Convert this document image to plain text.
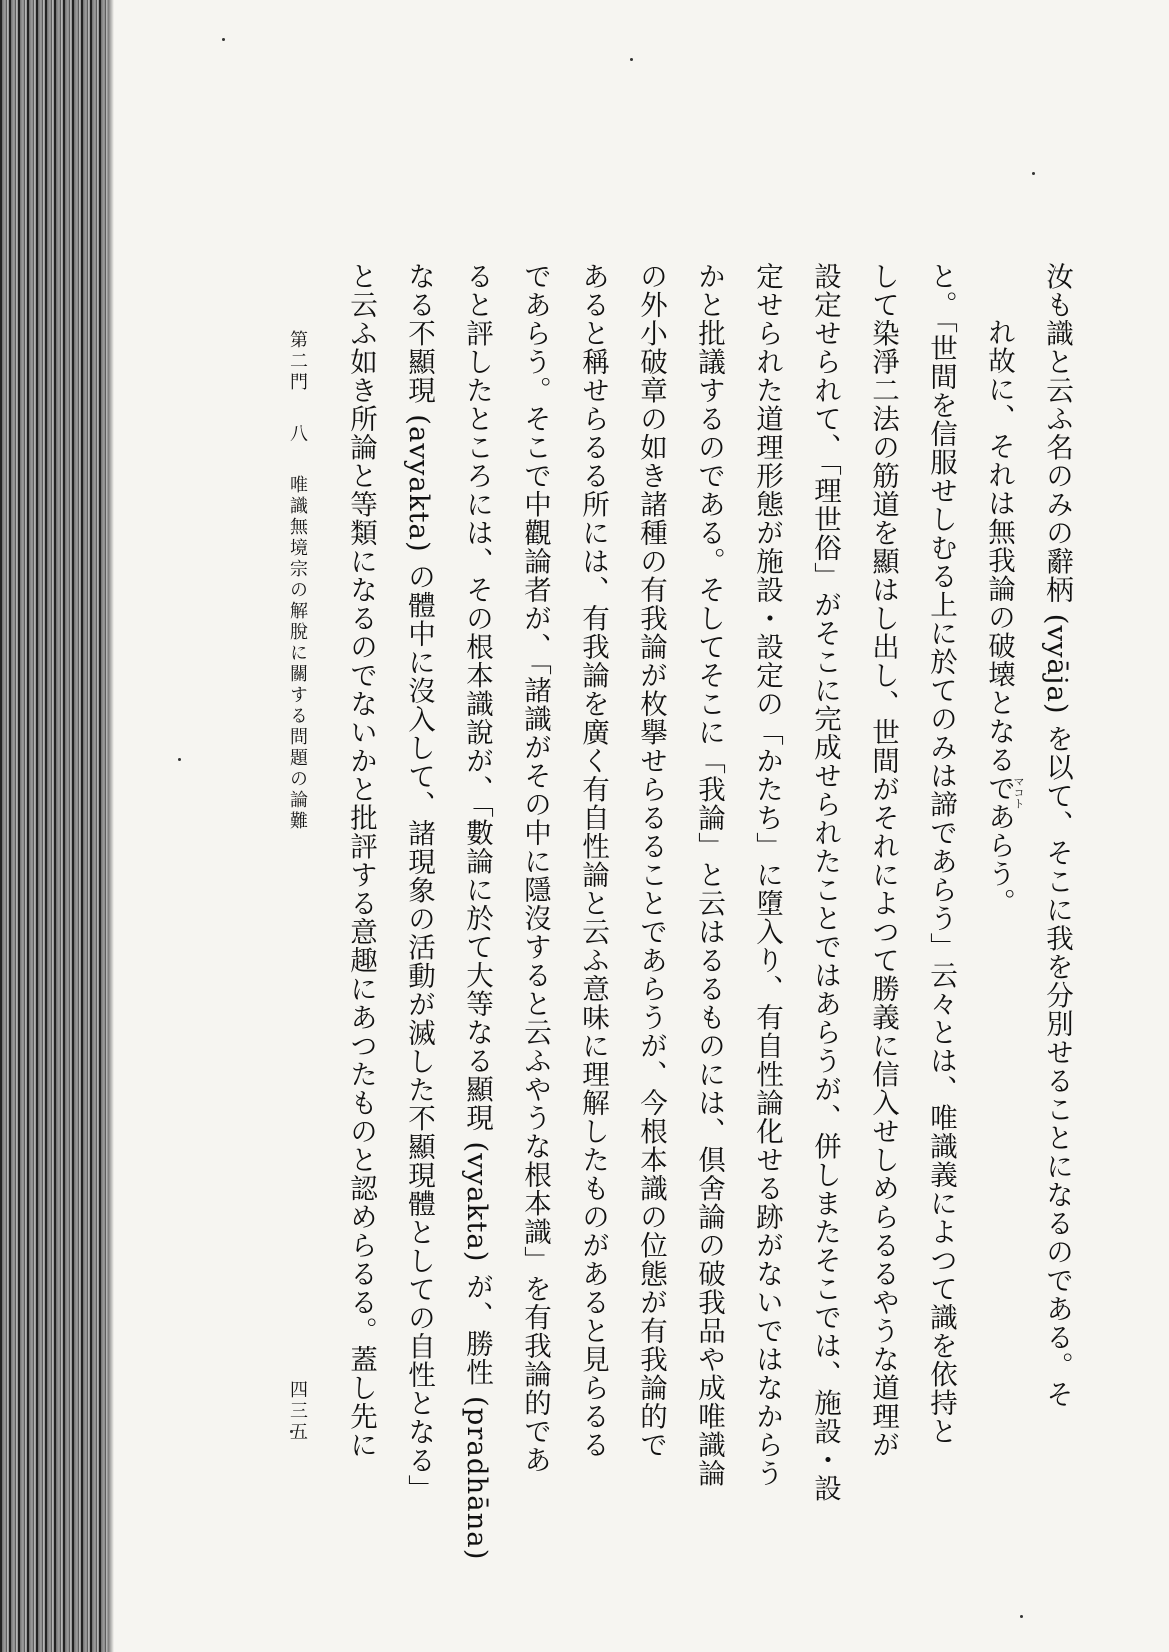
汝も識と云ふ名のみの辭柄 (vyāja) を以て、そこに我を分別せることになるのである。そ
れ故に、それは無我論の破壊となるであらう。
と。「世間を信服せしむる上に於てのみは諦であらう」云々とは、唯識義によつて識を依持と
して染淨二法の筋道を顯はし出し、世間がそれによつて勝義に信入せしめらるるやうな道理が
設定せられて、「理世俗」がそこに完成せられたことではあらうが、併しまたそこでは、施設・設
定せられた道理形態が施設・設定の「かたち」に墮入り、有自性論化せる跡がないではなからう
かと批議するのである。そしてそこに「我論」と云はるるものには、倶舍論の破我品や成唯識論
の外小破章の如き諸種の有我論が枚擧せらるることであらうが、今根本識の位態が有我論的で
あると稱せらるる所には、有我論を廣く有自性論と云ふ意味に理解したものがあると見らるる
であらう。そこで中觀論者が、「諸識がその中に隱沒すると云ふやうな根本識」を有我論的であ
ると評したところには、その根本識說が、「數論に於て大等なる顯現 (vyakta) が、勝性 (pradhāna)
なる不顯現 (avyakta) の體中に沒入して、諸現象の活動が滅した不顯現體としての自性となる」
と云ふ如き所論と等類になるのでないかと批評する意趣にあつたものと認めらるる。蓋し先に	マコト
第二門 八 唯識無境宗の解脫に關する問題の論難
四三五
